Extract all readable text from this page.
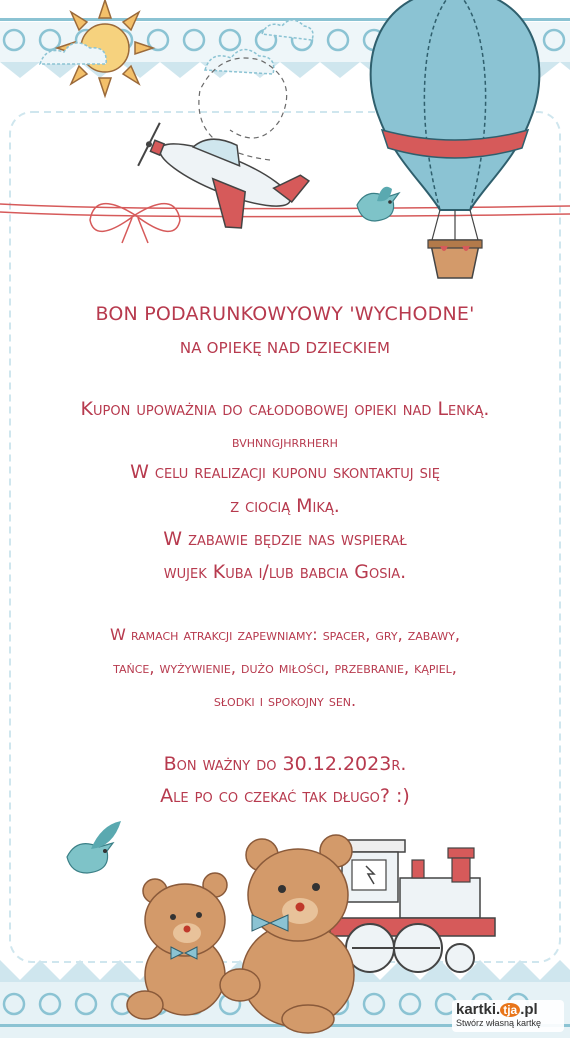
BON PODARUNKOWYOWY 'WYCHODNE'
NA OPIEKĘ NAD DZIECKIEM
Kupon upoważnia do całodobowej opieki nad Lenką.
bvhnngjhrrherh
W celu realizacji kuponu skontaktuj się
z ciocią Miką.
W zabawie będzie nas wspierał
wujek Kuba i/lub babcia Gosia.
W ramach atrakcji zapewniamy: spacer, gry, zabawy,
tańce, wyżywienie, dużo miłości, przebranie, kąpiel,
słodki i spokojny sen.
Bon ważny do 30.12.2023r.
Ale po co czekać tak długo? :)
kartki. tja .pl
Stwórz własną kartkę
